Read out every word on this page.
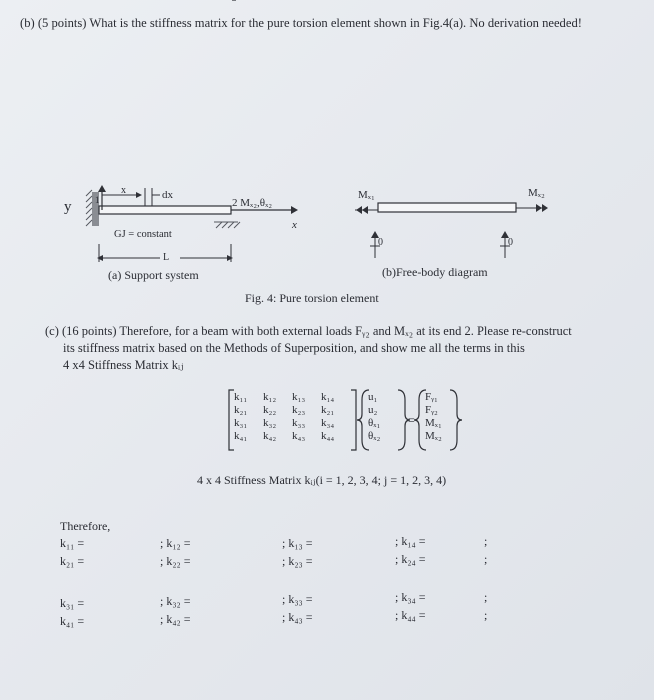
(b) (5 points) What is the stiffness matrix for the pure torsion element shown in Fig.4(a). No derivation needed!
y
x	dx
1	2 Mₓ₂,θₓ₂
x
GJ = constant
L
(a) Support system
Mₓ₁	Mₓ₂
0	0
(b)Free-body diagram
Fig. 4: Pure torsion element
(c) (16 points) Therefore, for a beam with both external loads Fᵧ₂ and Mₓ₂ at its end 2. Please re-construct
its stiffness matrix based on the Methods of Superposition, and show me all the terms in this
4 x4 Stiffness Matrix kᵢⱼ
k₁₁	k₁₂	k₁₃	k₁₄
k₂₁	k₂₂	k₂₃	k₂₁
k₃₁	k₃₂	k₃₃	k₃₄
k₄₁	k₄₂	k₄₃	k₄₄
u₁
u₂
θₓ₁
θₓ₂
=
Fᵧ₁
Fᵧ₂
Mₓ₁
Mₓ₂
4 x 4 Stiffness Matrix kᵢⱼ(i = 1, 2, 3, 4; j = 1, 2, 3, 4)
Therefore,
k₁₁ =	; k₁₂ =	; k₁₃ =	; k₁₄ =	;
k₂₁ =	; k₂₂ =	; k₂₃ =	; k₂₄ =	;
k₃₁ =	; k₃₂ =	; k₃₃ =	; k₃₄ =	;
k₄₁ =	; k₄₂ =	; k₄₃ =	; k₄₄ =	;
